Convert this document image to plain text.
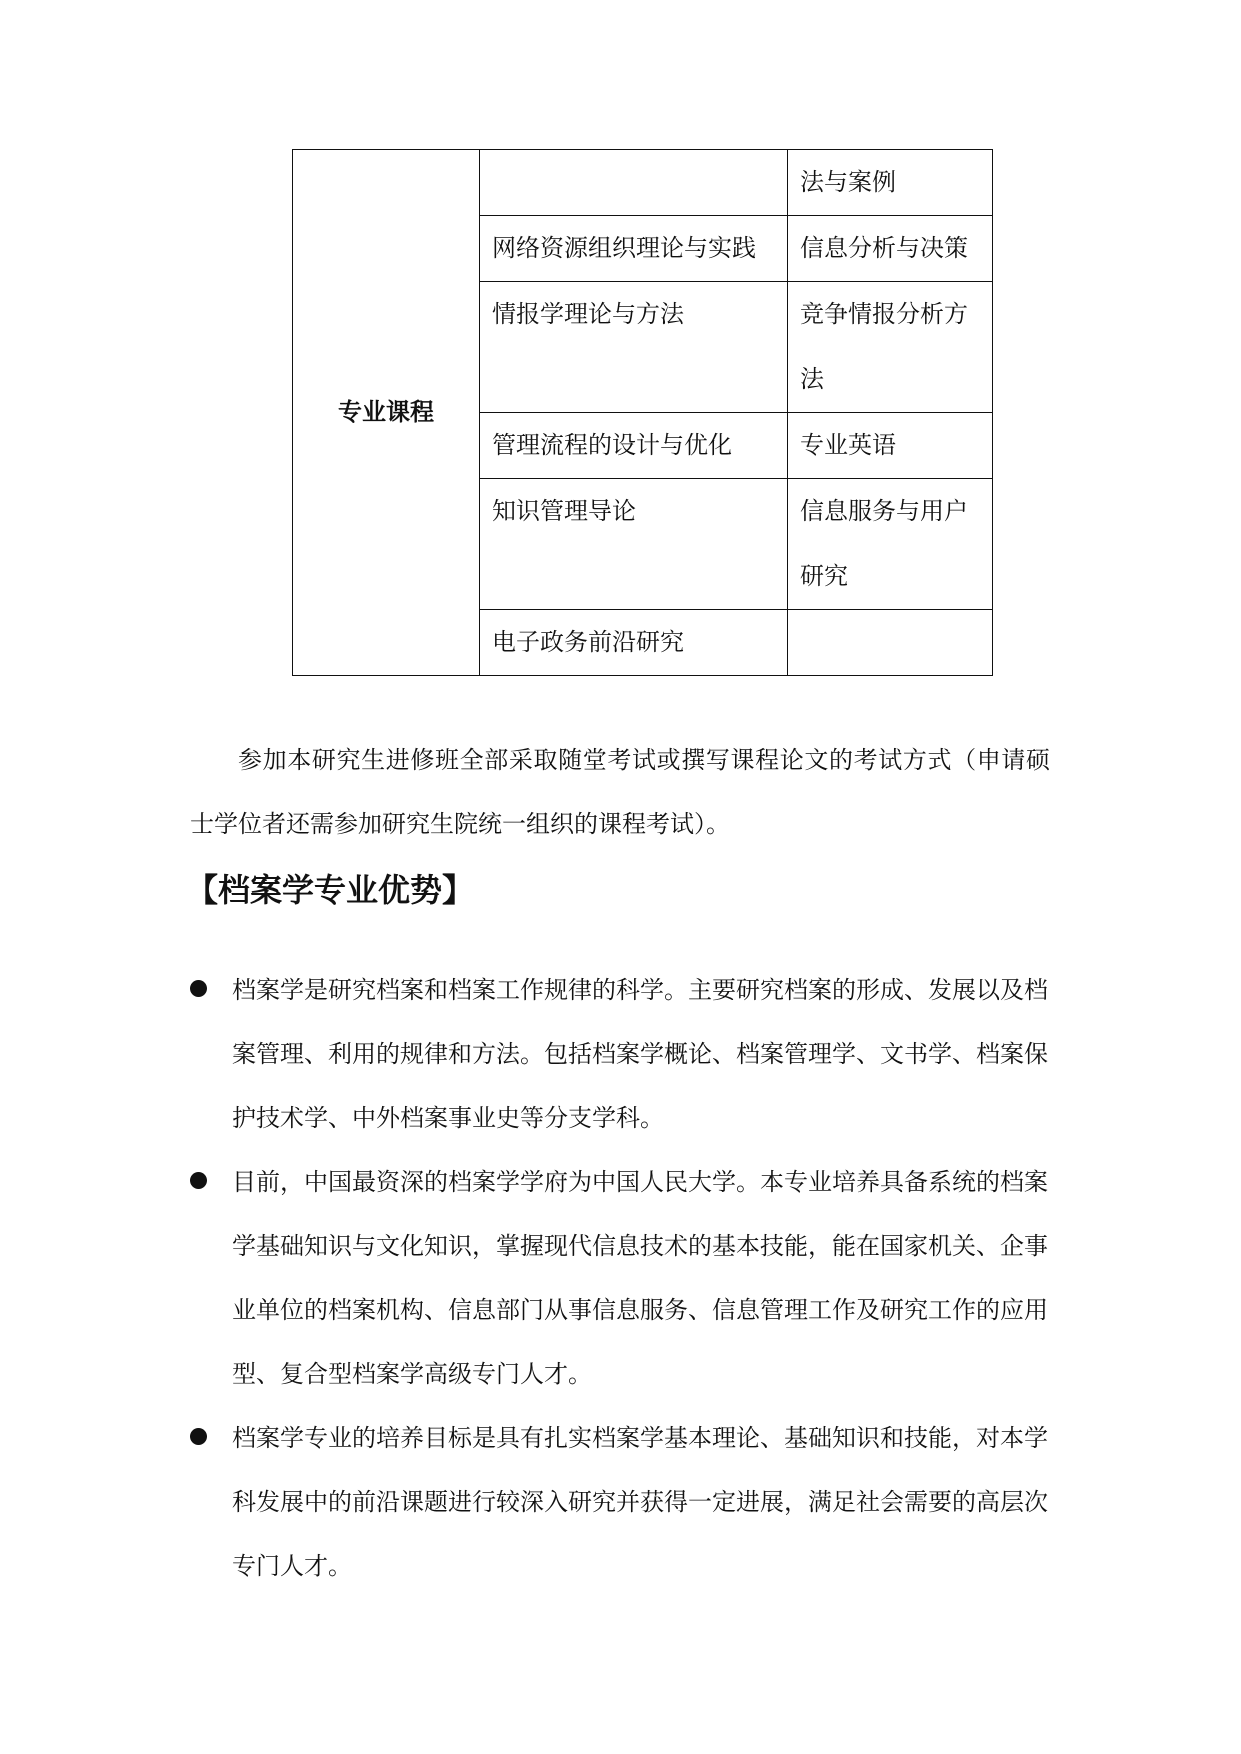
专业课程		法与案例

	网络资源组织理论与实践	信息分析与决策

	情报学理论与方法	竞争情报分析方
法

	管理流程的设计与优化	专业英语

	知识管理导论	信息服务与用户
研究

	电子政务前沿研究	

参加本研究生进修班全部采取随堂考试或撰写课程论文的考试方式（申请硕士学位者还需参加研究生院统一组织的课程考试）。

【档案学专业优势】
档案学是研究档案和档案工作规律的科学。主要研究档案的形成、发展以及档案管理、利用的规律和方法。包括档案学概论、档案管理学、文书学、档案保护技术学、中外档案事业史等分支学科。
目前，中国最资深的档案学学府为中国人民大学。本专业培养具备系统的档案学基础知识与文化知识，掌握现代信息技术的基本技能，能在国家机关、企事业单位的档案机构、信息部门从事信息服务、信息管理工作及研究工作的应用型、复合型档案学高级专门人才。
档案学专业的培养目标是具有扎实档案学基本理论、基础知识和技能，对本学科发展中的前沿课题进行较深入研究并获得一定进展，满足社会需要的高层次专门人才。
